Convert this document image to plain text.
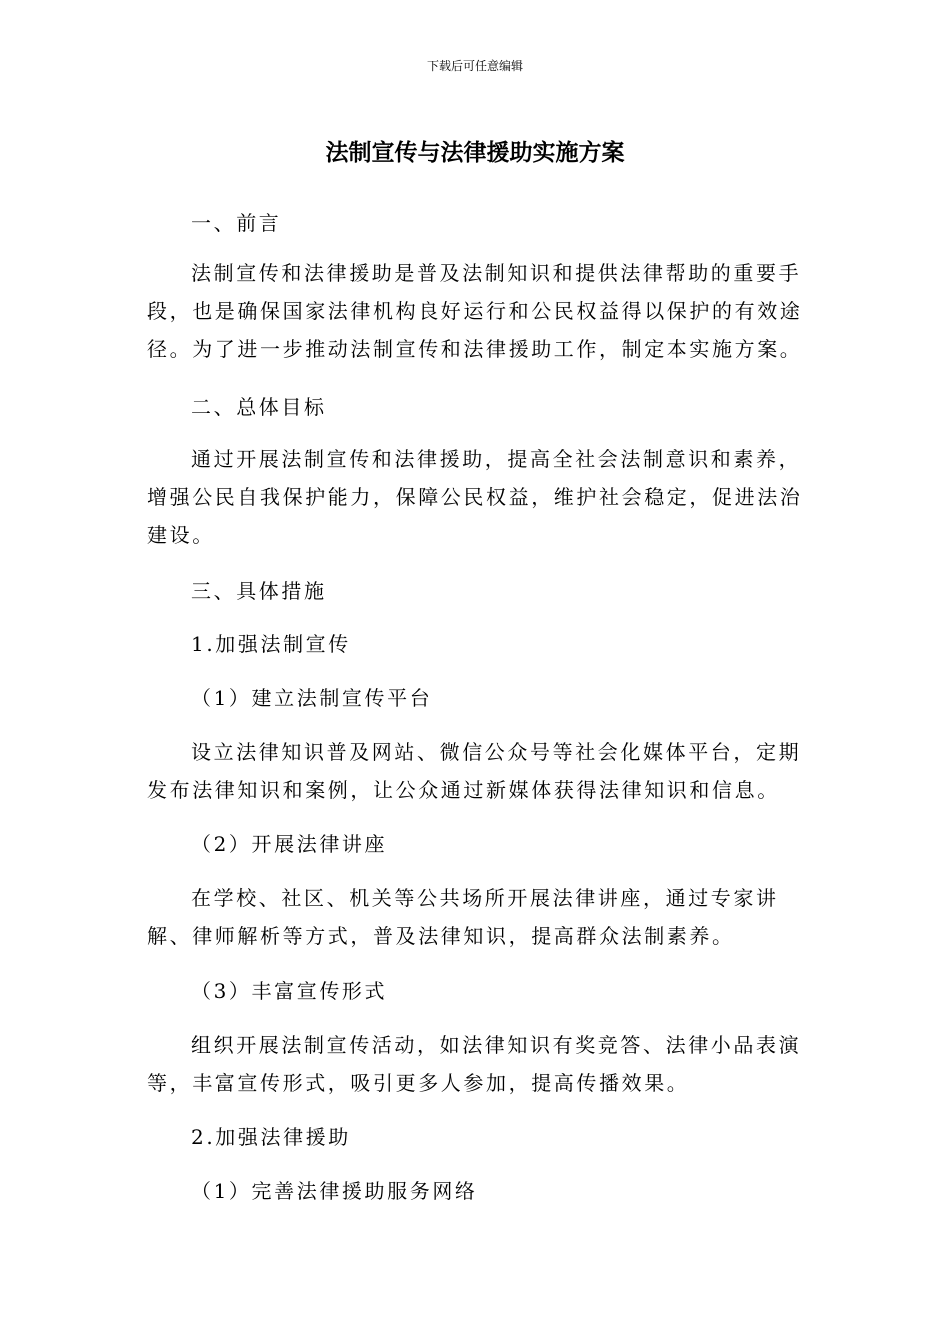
下载后可任意编辑
法制宣传与法律援助实施方案

一、前言

法制宣传和法律援助是普及法制知识和提供法律帮助的重要手段，也是确保国家法律机构良好运行和公民权益得以保护的有效途径。为了进一步推动法制宣传和法律援助工作，制定本实施方案。

二、总体目标

通过开展法制宣传和法律援助，提高全社会法制意识和素养，增强公民自我保护能力，保障公民权益，维护社会稳定，促进法治建设。

三、具体措施

1.加强法制宣传

（1）建立法制宣传平台

设立法律知识普及网站、微信公众号等社会化媒体平台，定期发布法律知识和案例，让公众通过新媒体获得法律知识和信息。

（2）开展法律讲座

在学校、社区、机关等公共场所开展法律讲座，通过专家讲解、律师解析等方式，普及法律知识，提高群众法制素养。

（3）丰富宣传形式

组织开展法制宣传活动，如法律知识有奖竞答、法律小品表演等，丰富宣传形式，吸引更多人参加，提高传播效果。

2.加强法律援助

（1）完善法律援助服务网络
